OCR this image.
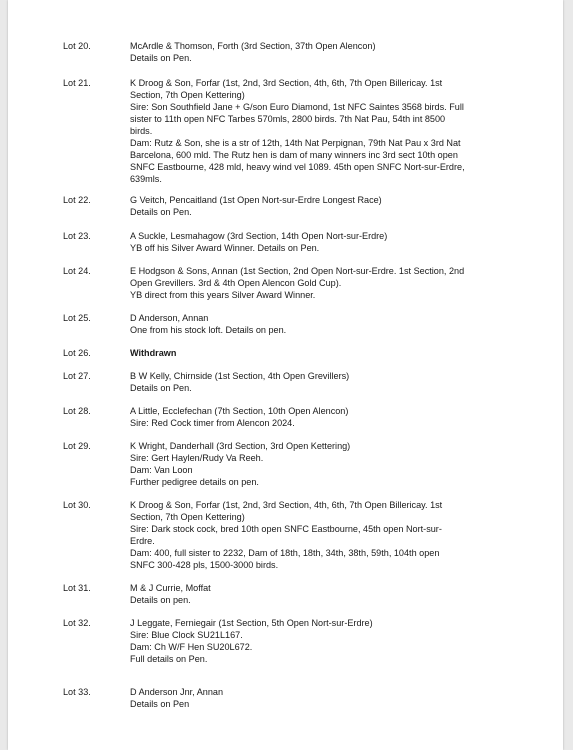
Lot 20.	McArdle & Thomson, Forth (3rd Section, 37th Open Alencon)
Details on Pen.
Lot 21.	K Droog & Son, Forfar (1st, 2nd, 3rd Section, 4th, 6th, 7th Open Billericay. 1st
Section, 7th Open Kettering)
Sire: Son Southfield Jane + G/son Euro Diamond, 1st NFC Saintes 3568 birds. Full
sister to 11th open NFC Tarbes 570mls, 2800 birds. 7th Nat Pau, 54th int 8500
birds.
Dam: Rutz & Son, she is a str of 12th, 14th Nat Perpignan, 79th Nat Pau x 3rd Nat
Barcelona, 600 mld. The Rutz hen is dam of many winners inc 3rd sect 10th open
SNFC Eastbourne, 428 mld, heavy wind vel 1089. 45th open SNFC Nort-sur-Erdre,
639mls.
Lot 22.	G Veitch, Pencaitland (1st Open Nort-sur-Erdre Longest Race)
Details on Pen.
Lot 23.	A Suckle, Lesmahagow (3rd Section, 14th Open Nort-sur-Erdre)
YB off his Silver Award Winner. Details on Pen.
Lot 24.	E Hodgson & Sons, Annan (1st Section, 2nd Open Nort-sur-Erdre. 1st Section, 2nd
Open Grevillers. 3rd & 4th Open Alencon Gold Cup).
YB direct from this years Silver Award Winner.
Lot 25.	D Anderson, Annan
One from his stock loft. Details on pen.
Lot 26.	Withdrawn
Lot 27.	B W Kelly, Chirnside (1st Section, 4th Open Grevillers)
Details on Pen.
Lot 28.	A Little, Ecclefechan (7th Section, 10th Open Alencon)
Sire: Red Cock timer from Alencon 2024.
Lot 29.	K Wright, Danderhall (3rd Section, 3rd Open Kettering)
Sire: Gert Haylen/Rudy Va Reeh.
Dam: Van Loon
Further pedigree details on pen.
Lot 30.	K Droog & Son, Forfar (1st, 2nd, 3rd Section, 4th, 6th, 7th Open Billericay. 1st
Section, 7th Open Kettering)
Sire: Dark stock cock, bred 10th open SNFC Eastbourne, 45th open Nort-sur-
Erdre.
Dam: 400, full sister to 2232, Dam of 18th, 18th, 34th, 38th, 59th, 104th open
SNFC 300-428 pls, 1500-3000 birds.
Lot 31.	M & J Currie, Moffat
Details on pen.
Lot 32.	J Leggate, Ferniegair (1st Section, 5th Open Nort-sur-Erdre)
Sire: Blue Clock SU21L167.
Dam: Ch W/F Hen SU20L672.
Full details on Pen.
Lot 33.	D Anderson Jnr, Annan
Details on Pen
